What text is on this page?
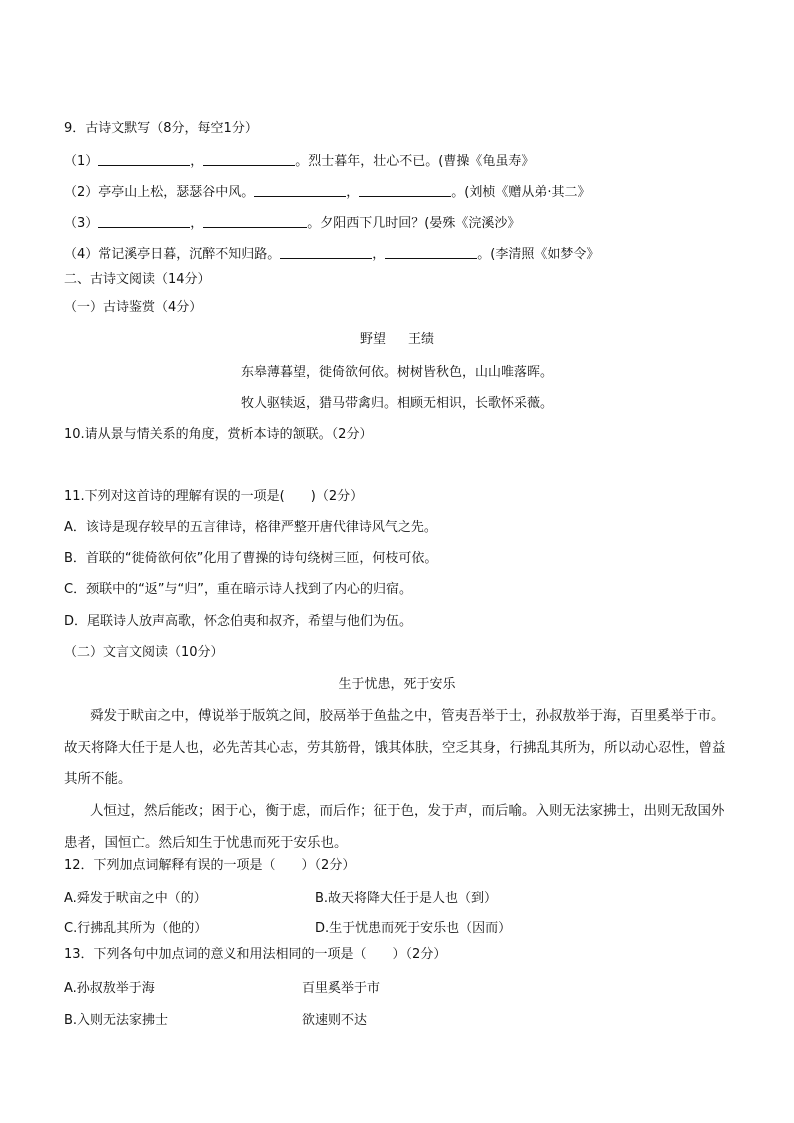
9．古诗文默写（8分，每空1分）
（1）	，	。烈士暮年，壮心不已。(曹操《龟虽寿》
（2）亭亭山上松，瑟瑟谷中风。	，	。(刘桢《赠从弟·其二》
（3）	，	。夕阳西下几时回？(晏殊《浣溪沙》
（4）常记溪亭日暮，沉醉不知归路。	，	。(李清照《如梦令》
二、古诗文阅读（14分）
（一）古诗鉴赏（4分）
野望 王绩
东皋薄暮望，徙倚欲何依。树树皆秋色，山山唯落晖。
牧人驱犊返，猎马带禽归。相顾无相识，长歌怀采薇。
10.请从景与情关系的角度，赏析本诗的颔联。（2分）
11.下列对这首诗的理解有误的一项是(　　)（2分）
A．该诗是现存较早的五言律诗，格律严整开唐代律诗风气之先。
B．首联的“徙倚欲何依”化用了曹操的诗句绕树三匝，何枝可依。
C．颈联中的“返”与“归”，重在暗示诗人找到了内心的归宿。
D．尾联诗人放声高歌，怀念伯夷和叔齐，希望与他们为伍。
（二）文言文阅读（10分）
生于忧患，死于安乐
舜发于畎亩之中，傅说举于版筑之间，胶鬲举于鱼盐之中，管夷吾举于士，孙叔敖举于海，百里奚举于市。故天将降大任于是人也，必先苦其心志，劳其筋骨，饿其体肤，空乏其身，行拂乱其所为，所以动心忍性，曾益其所不能。
人恒过，然后能改；困于心，衡于虑，而后作；征于色，发于声，而后喻。入则无法家拂士，出则无敌国外患者，国恒亡。然后知生于忧患而死于安乐也。
12．下列加点词解释有误的一项是（　　）（2分）
A.舜发于畎亩之中（的）	B.故天将降大任于是人也（到）
C.行拂乱其所为（他的）	D.生于忧患而死于安乐也（因而）
13．下列各句中加点词的意义和用法相同的一项是（　　）（2分）
A.孙叔敖举于海	百里奚举于市
B.入则无法家拂士	欲速则不达
